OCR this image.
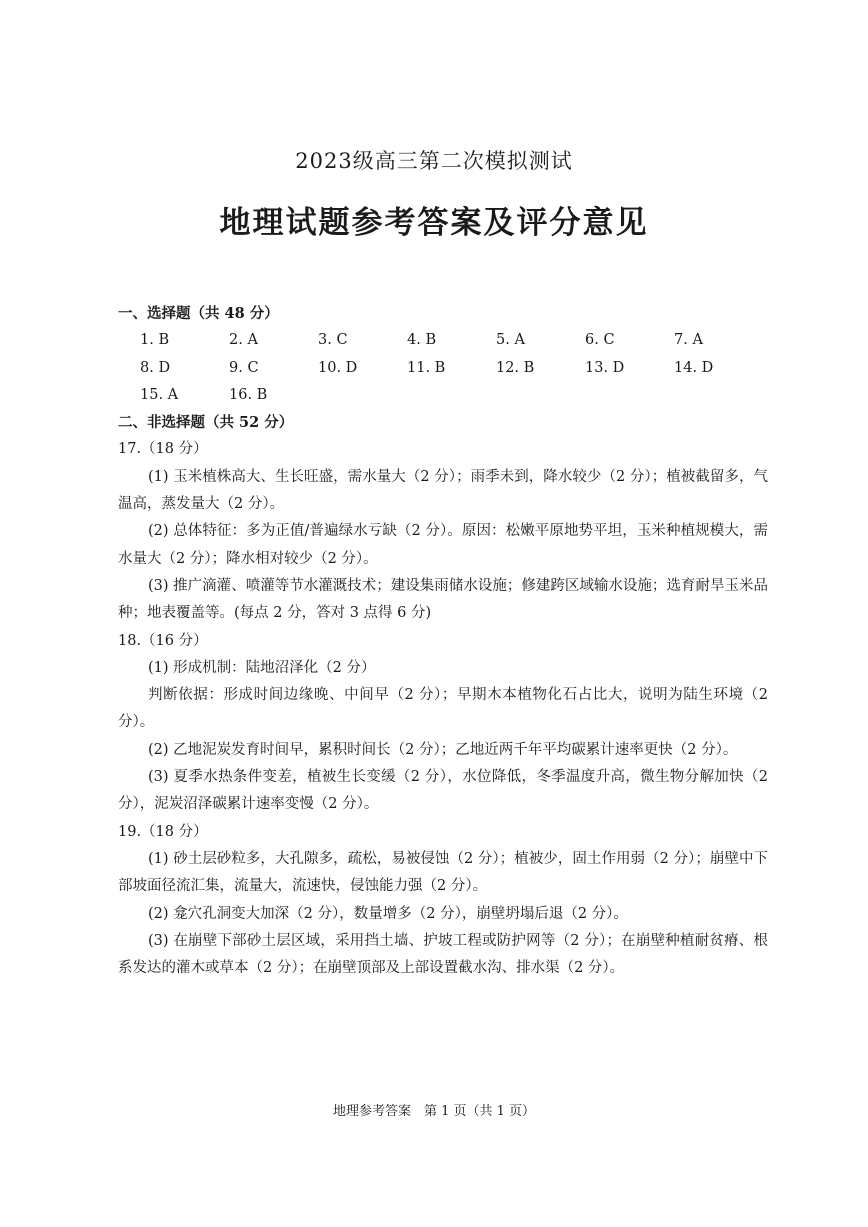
2023级高三第二次模拟测试
地理试题参考答案及评分意见
一、选择题（共 48 分）
1. B	2. A	3. C	4. B	5. A	6. C	7. A
8. D	9. C	10. D	11. B	12. B	13. D	14. D
15. A	16. B
二、非选择题（共 52 分）
17.（18 分）

(1) 玉米植株高大、生长旺盛，需水量大（2 分）；雨季未到，降水较少（2 分）；植被截留多，气温高，蒸发量大（2 分）。

(2) 总体特征：多为正值/普遍绿水亏缺（2 分）。原因：松嫩平原地势平坦，玉米种植规模大，需水量大（2 分）；降水相对较少（2 分）。

(3) 推广滴灌、喷灌等节水灌溉技术；建设集雨储水设施；修建跨区域输水设施；选育耐旱玉米品种；地表覆盖等。(每点 2 分，答对 3 点得 6 分)

18.（16 分）

(1) 形成机制：陆地沼泽化（2 分）

判断依据：形成时间边缘晚、中间早（2 分）；早期木本植物化石占比大，说明为陆生环境（2 分）。

(2) 乙地泥炭发育时间早，累积时间长（2 分）；乙地近两千年平均碳累计速率更快（2 分）。

(3) 夏季水热条件变差，植被生长变缓（2 分），水位降低，冬季温度升高，微生物分解加快（2 分），泥炭沼泽碳累计速率变慢（2 分）。

19.（18 分）

(1) 砂土层砂粒多，大孔隙多，疏松，易被侵蚀（2 分）；植被少，固土作用弱（2 分）；崩壁中下部坡面径流汇集，流量大，流速快，侵蚀能力强（2 分）。

(2) 龛穴孔洞变大加深（2 分），数量增多（2 分），崩壁坍塌后退（2 分）。

(3) 在崩壁下部砂土层区域，采用挡土墙、护坡工程或防护网等（2 分）；在崩壁种植耐贫瘠、根系发达的灌木或草本（2 分）；在崩壁顶部及上部设置截水沟、排水渠（2 分）。

地理参考答案　第 1 页（共 1 页）
